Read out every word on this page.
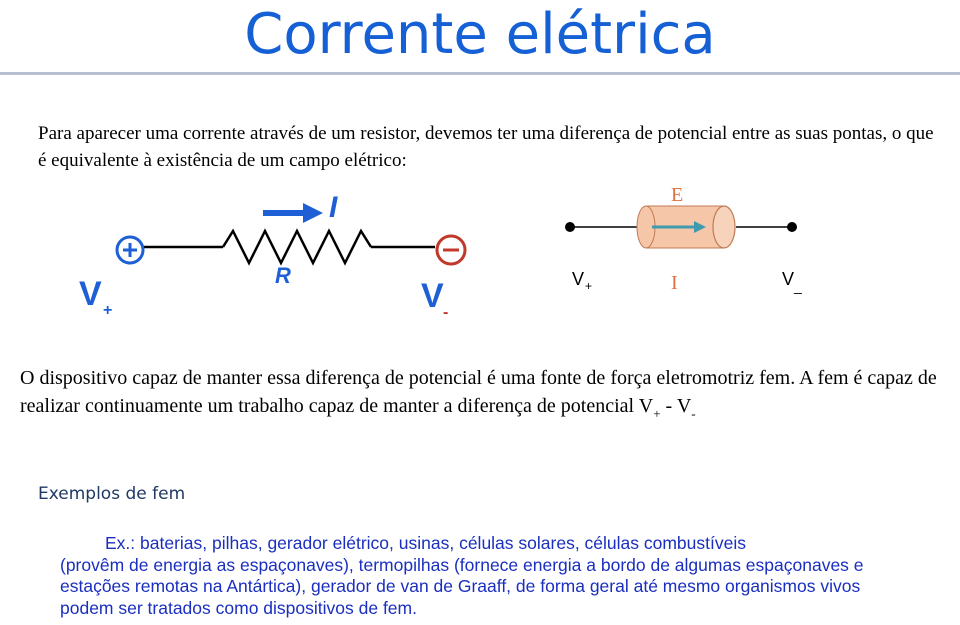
Corrente elétrica
Para aparecer uma corrente através de um resistor, devemos ter uma diferença de potencial entre as suas pontas, o que é equivalente à existência de um campo elétrico:
I
R
V +	V -
E
V +	I	V _
O dispositivo capaz de manter essa diferença de potencial é uma fonte de força eletromotriz fem. A fem é capaz de realizar continuamente um trabalho capaz de manter a diferença de potencial $V_+ - V_-$
Exemplos de fem
Ex.: baterias, pilhas, gerador elétrico, usinas, células solares, células combustíveis
(provêm de energia as espaçonaves), termopilhas (fornece energia a bordo de algumas espaçonaves e estações remotas na Antártica), gerador de van de Graaff, de forma geral até mesmo organismos vivos podem ser tratados como dispositivos de fem.
